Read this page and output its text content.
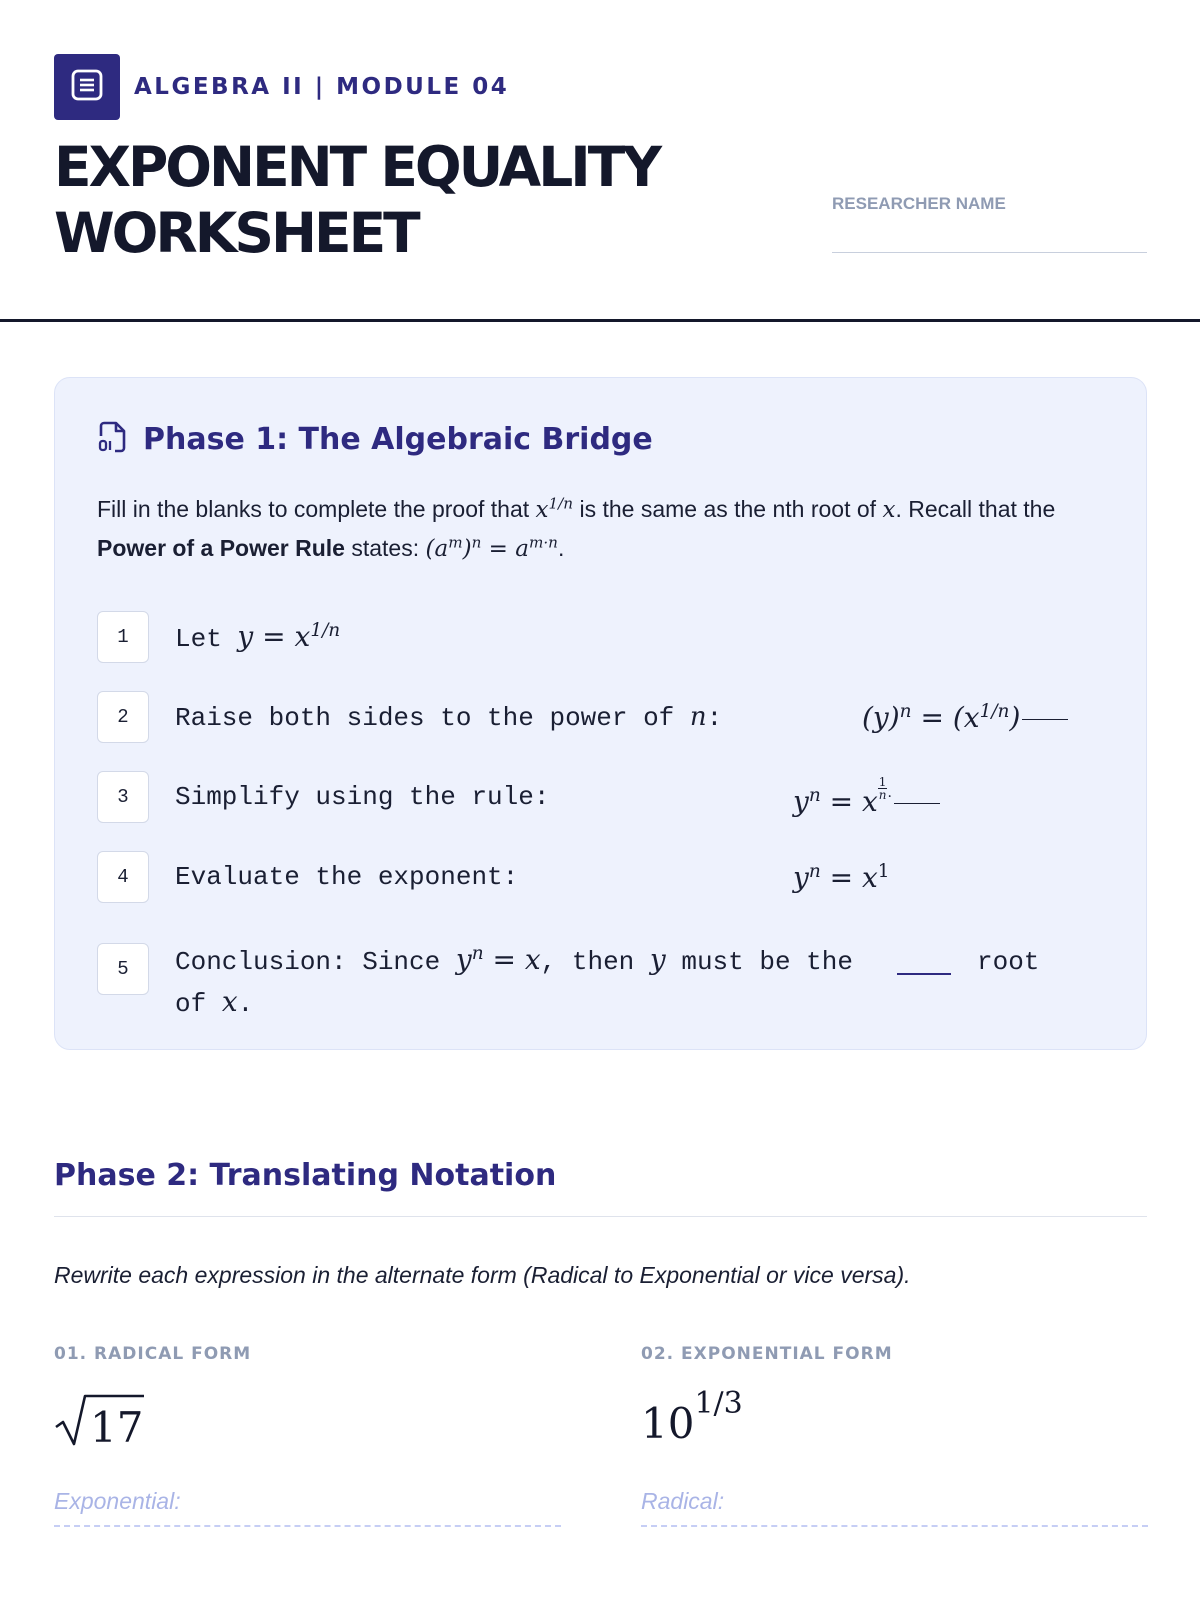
ALGEBRA II | MODULE 04
EXPONENT EQUALITY
WORKSHEET	RESEARCHER NAME
Phase 1: The Algebraic Bridge
Fill in the blanks to complete the proof that $x^{1/n}$ is the same as the nth root of x. Recall that the Power of a Power Rule states: $(a^m)^n = a^{m\cdot n}$.
1	Let $y = x^{1/n}$
2	Raise both sides to the power of n:	$(y)^n = (x^{1/n})$
3	Simplify using the rule:	$y^n = x \frac{1}{n} ^\cdot$
4	Evaluate the exponent:	$y^n = x^1$
5	Conclusion: Since $y^n = x$, then y must be the	root of x.
Phase 2: Translating Notation
Rewrite each expression in the alternate form (Radical to Exponential or vice versa).
01. RADICAL FORM
17
Exponential:
02. EXPONENTIAL FORM
10 1/3
Radical:
